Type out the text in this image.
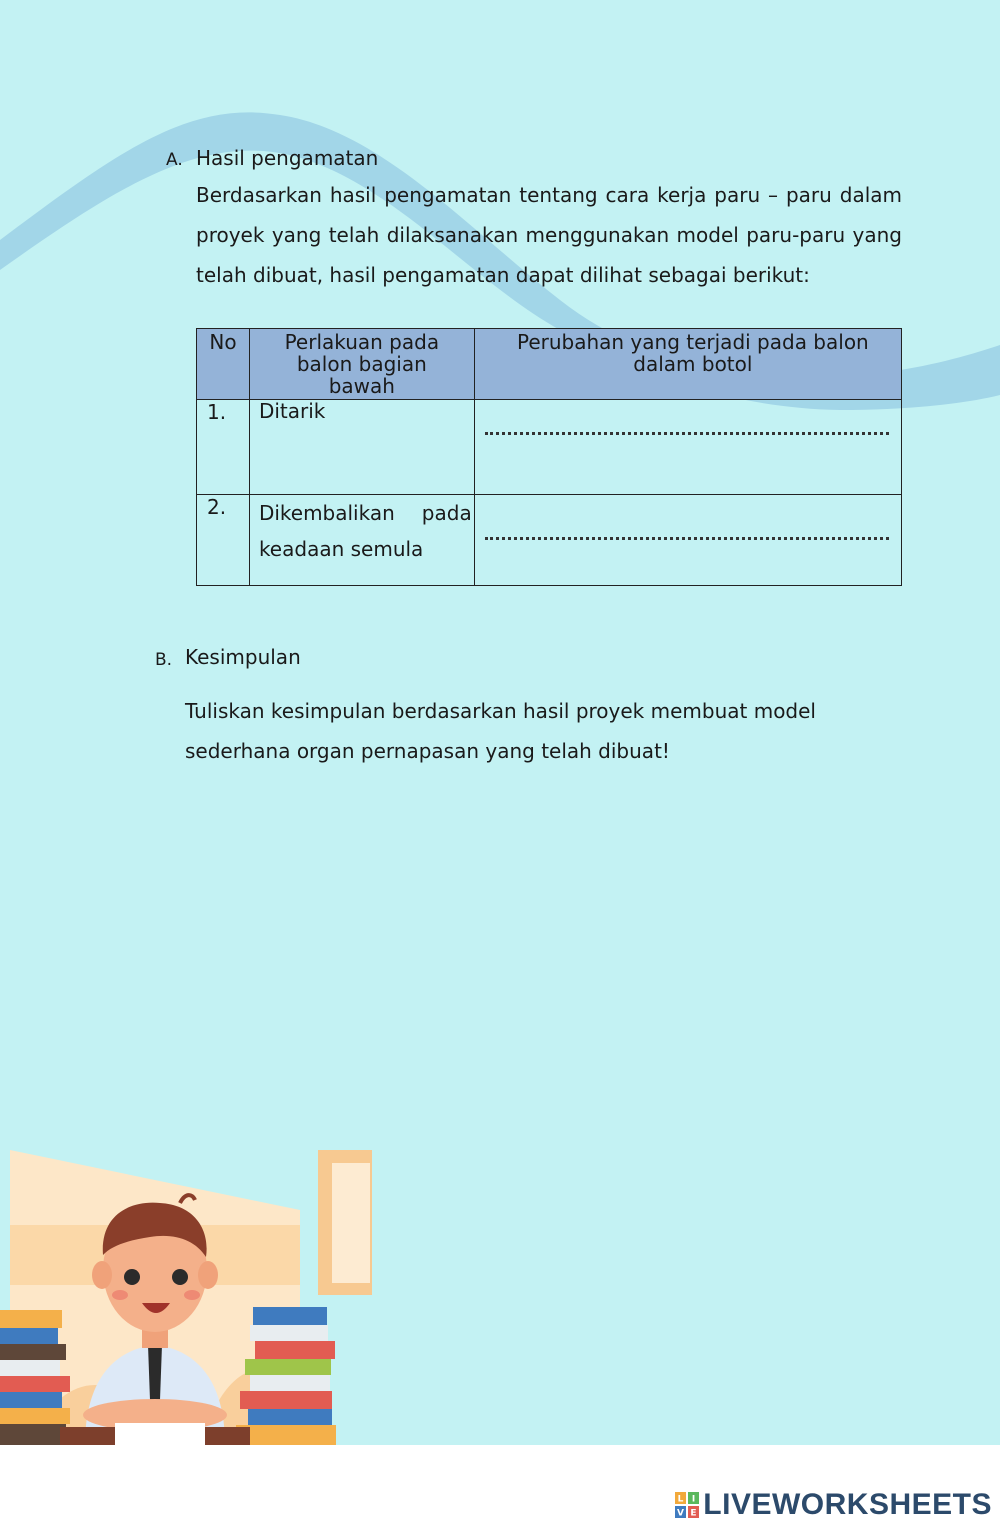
A. Hasil pengamatan
Berdasarkan hasil pengamatan tentang cara kerja paru – paru dalam proyek yang telah dilaksanakan menggunakan model paru-paru yang telah dibuat, hasil pengamatan dapat dilihat sebagai berikut:
No	Perlakuan pada balon bagian bawah	Perubahan yang terjadi pada balon dalam botol
1.	Ditarik	

2.	Dikembalikan pada keadaan semula	
B. Kesimpulan
Tuliskan kesimpulan berdasarkan hasil proyek membuat model sederhana organ pernapasan yang telah dibuat!
L I
V E LIVEWORKSHEETS
